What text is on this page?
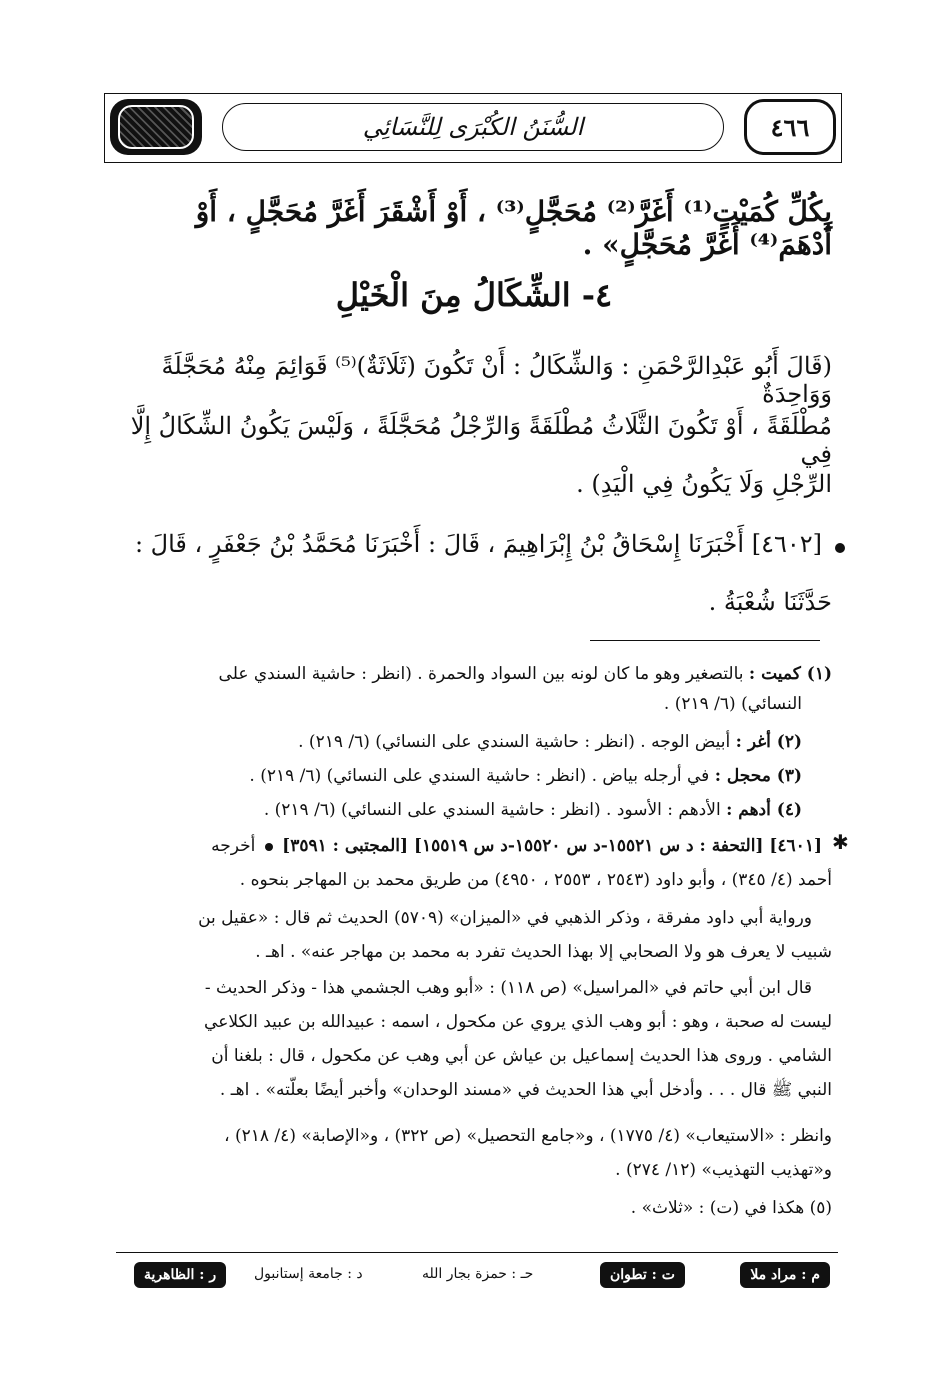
٤٦٦
السُّنَنُ الكُبْرَى لِلنَّسَائِي
بِكُلِّ كُمَيْتٍ⁽¹⁾ أَغَرَّ⁽²⁾ مُحَجَّلٍ⁽³⁾ ، أَوْ أَشْقَرَ أَغَرَّ مُحَجَّلٍ ، أَوْ أَدْهَمَ⁽⁴⁾ أَغَرَّ مُحَجَّلٍ» .
٤- الشِّكَالُ مِنَ الْخَيْلِ
(قَالَ أَبُو عَبْدِالرَّحْمَنِ : وَالشِّكَالُ : أَنْ تَكُونَ (ثَلَاثَةٌ)⁽⁵⁾ قَوَائِمَ مِنْهُ مُحَجَّلَةً وَوَاحِدَةٌ
مُطْلَقَةً ، أَوْ تَكُونَ الثَّلَاثُ مُطْلَقَةً وَالرِّجْلُ مُحَجَّلَةً ، وَلَيْسَ يَكُونُ الشِّكَالُ إِلَّا فِي
الرِّجْلِ وَلَا يَكُونُ فِي الْيَدِ) .
[٤٦٠٢] أَخْبَرَنَا إِسْحَاقُ بْنُ إِبْرَاهِيمَ ، قَالَ : أَخْبَرَنَا مُحَمَّدُ بْنُ جَعْفَرٍ ، قَالَ :
حَدَّثَنَا شُعْبَةُ .
(١) كميت : بالتصغير وهو ما كان لونه بين السواد والحمرة . (انظر : حاشية السندي على
النسائي) (٦/ ٢١٩) .
(٢) أغر : أبيض الوجه . (انظر : حاشية السندي على النسائي) (٦/ ٢١٩) .
(٣) محجل : في أرجله بياض . (انظر : حاشية السندي على النسائي) (٦/ ٢١٩) .
(٤) أدهم : الأدهم : الأسود . (انظر : حاشية السندي على النسائي) (٦/ ٢١٩) .
✱
[٤٦٠١] [التحفة : د س ١٥٥٢١-د س ١٥٥٢٠-د س ١٥٥١٩] [المجتبى : ٣٥٩١]  أخرجه
أحمد (٤/ ٣٤٥) ، وأبو داود (٢٥٤٣ ، ٢٥٥٣ ، ٤٩٥٠) من طريق محمد بن المهاجر بنحوه .
ورواية أبي داود مفرقة ، وذكر الذهبي في «الميزان» (٥٧٠٩) الحديث ثم قال : «عقيل بن
شبيب لا يعرف هو ولا الصحابي إلا بهذا الحديث تفرد به محمد بن مهاجر عنه» . اهـ .
قال ابن أبي حاتم في «المراسيل» (ص ١١٨) : «أبو وهب الجشمي هذا - وذكر الحديث -
ليست له صحبة ، وهو : أبو وهب الذي يروي عن مكحول ، اسمه : عبيدالله بن عبيد الكلاعي
الشامي . وروى هذا الحديث إسماعيل بن عياش عن أبي وهب عن مكحول ، قال : بلغنا أن
النبي ﷺ قال . . . وأدخل أبي هذا الحديث في «مسند الوحدان» وأخبر أيضًا بعلّته» . اهـ .
وانظر : «الاستيعاب» (٤/ ١٧٧٥) ، و«جامع التحصيل» (ص ٣٢٢) ، و«الإصابة» (٤/ ٢١٨) ،
و«تهذيب التهذيب» (١٢/ ٢٧٤) .
(٥) هكذا في (ت) : «ثلاث» .
م : مراد ملا
ت : تطوان
حـ : حمزة بجار الله
د : جامعة إستانبول
ر : الظاهرية
